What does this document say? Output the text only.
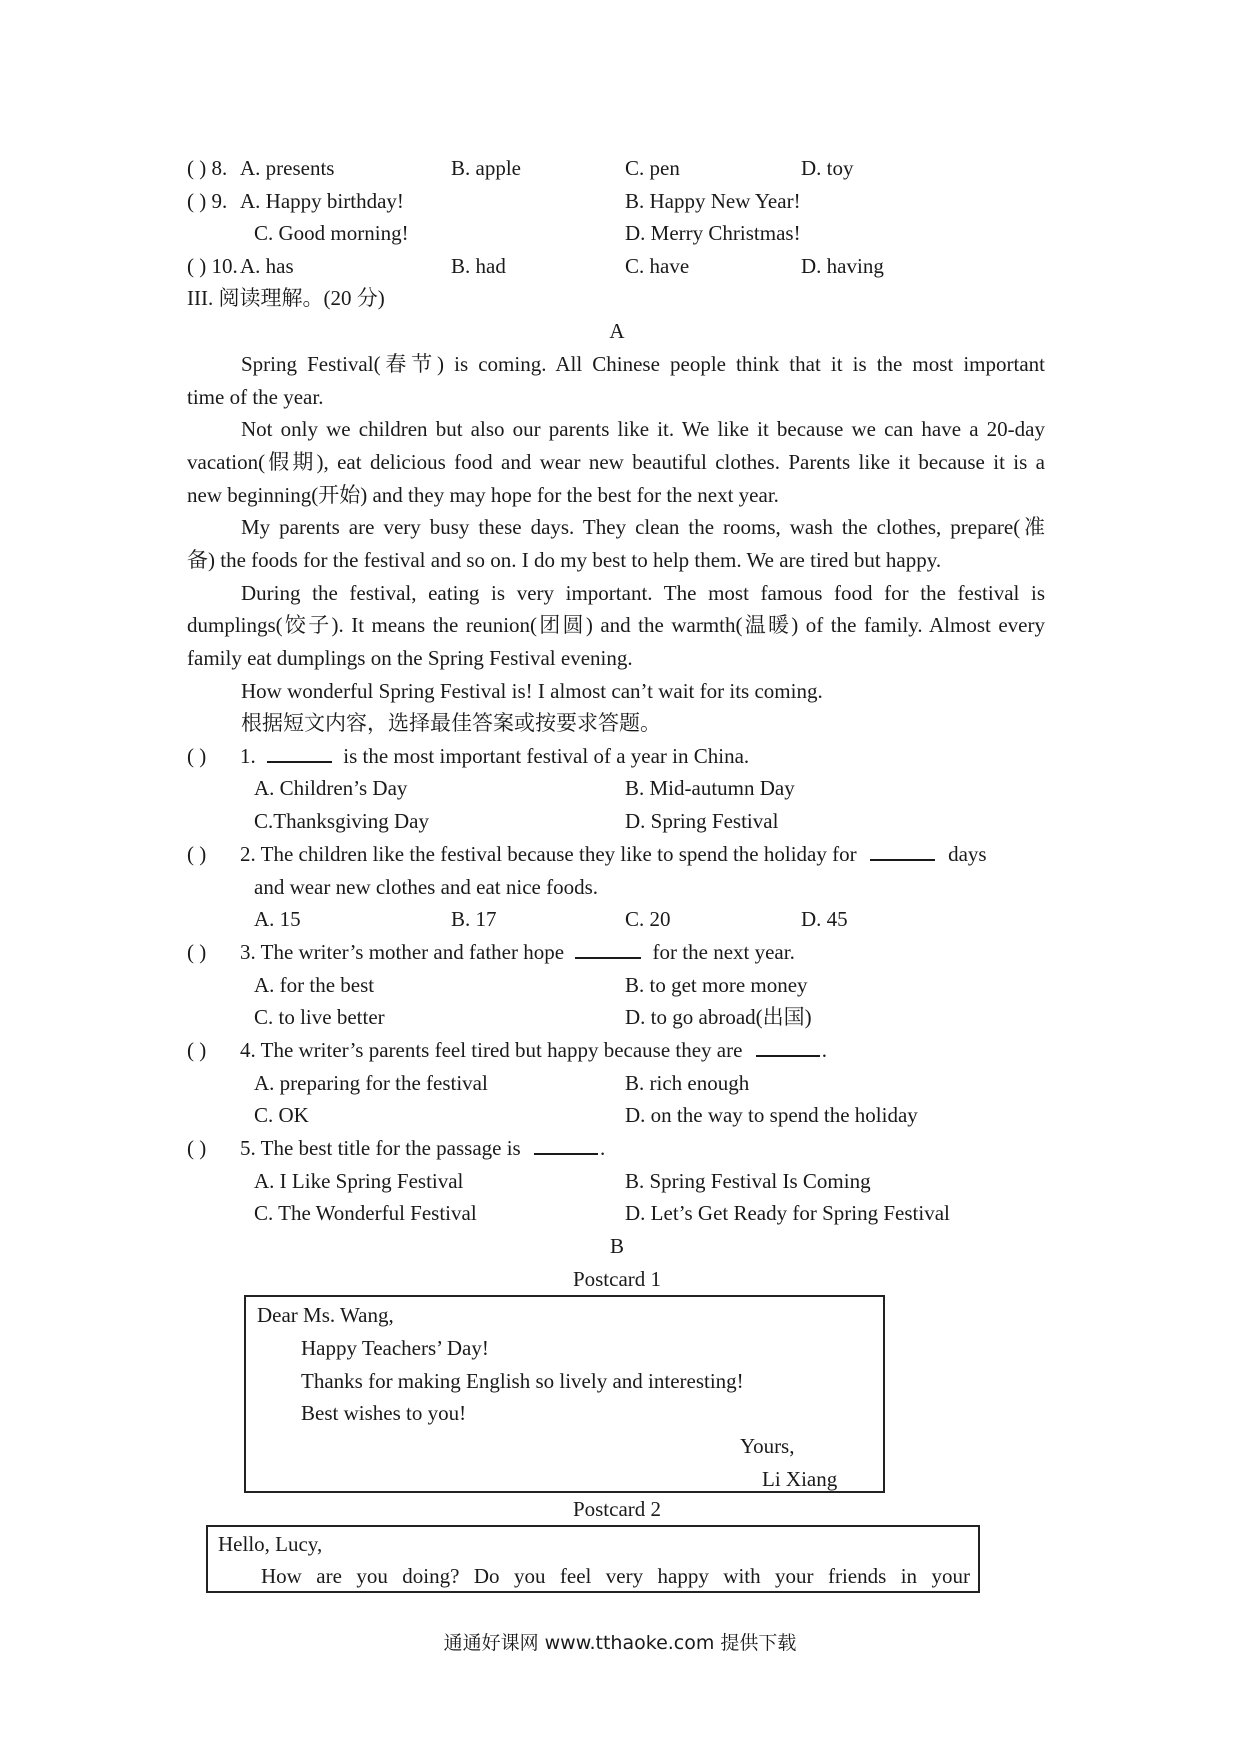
( ) 8. A. presents	B. apple	C. pen	D. toy
( ) 9. A. Happy birthday!	B. Happy New Year!
C. Good morning!	D. Merry Christmas!
( ) 10. A. has	B. had	C. have	D. having
III. 阅读理解。(20 分)
A
Spring Festival(春节) is coming. All Chinese people think that it is the most important
time of the year.
Not only we children but also our parents like it. We like it because we can have a 20-day
vacation(假期), eat delicious food and wear new beautiful clothes. Parents like it because it is a
new beginning(开始) and they may hope for the best for the next year.
My parents are very busy these days. They clean the rooms, wash the clothes, prepare(准
备) the foods for the festival and so on. I do my best to help them. We are tired but happy.
During the festival, eating is very important. The most famous food for the festival is
dumplings(饺子). It means the reunion(团圆) and the warmth(温暖) of the family. Almost every
family eat dumplings on the Spring Festival evening.
How wonderful Spring Festival is! I almost can’t wait for its coming.
根据短文内容，选择最佳答案或按要求答题。
( ) 1.	is the most important festival of a year in China.
A. Children’s Day	B. Mid-autumn Day
C.Thanksgiving Day	D. Spring Festival
( ) 2. The children like the festival because they like to spend the holiday for	days
and wear new clothes and eat nice foods.
A. 15	B. 17	C. 20	D. 45
( ) 3. The writer’s mother and father hope	for the next year.
A. for the best	B. to get more money
C. to live better	D. to go abroad(出国)
( ) 4. The writer’s parents feel tired but happy because they are	.
A. preparing for the festival	B. rich enough
C. OK	D. on the way to spend the holiday
( ) 5. The best title for the passage is	.
A. I Like Spring Festival	B. Spring Festival Is Coming
C. The Wonderful Festival	D. Let’s Get Ready for Spring Festival
B
Postcard 1
Dear Ms. Wang,
Happy Teachers’ Day!
Thanks for making English so lively and interesting!
Best wishes to you!
Yours,
Li Xiang
Postcard 2
Hello, Lucy,
How are you doing? Do you feel very happy with your friends in your
通通好课网 www.tthaoke.com 提供下载
